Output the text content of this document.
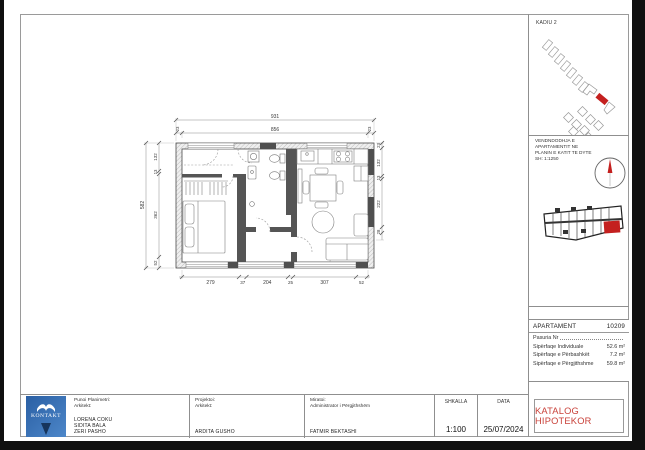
931
856
23	23
582
132
13
362
52
23
132
13
222
28
279	37	204	25	307	52
KADIU 2
VENDNDODHJA E APARTAMENTIT NE
PLANIN E KATIT TE DYTE
SH: 1:1250
APARTAMENT	10209
Pasuria Nr
Sipërfaqe Individuale	52.6 m²
Sipërfaqe e Përbashkët	7.2 m²
Sipërfaqe e Përgjithshme 59.8 m²
KATALOG HIPOTEKOR
KONTAKT
Punoi Planimetri:
Arkitekt:
LORENA COKU
SIDITA BALA
ZERI PASHO
Projektoi:
Arkitekt:
ARDITA GUSHO
Miratoi:
Administrator i Përgjithshëm
FATMIR BEKTASHI
SHKALLA
1:100
DATA
25/07/2024
